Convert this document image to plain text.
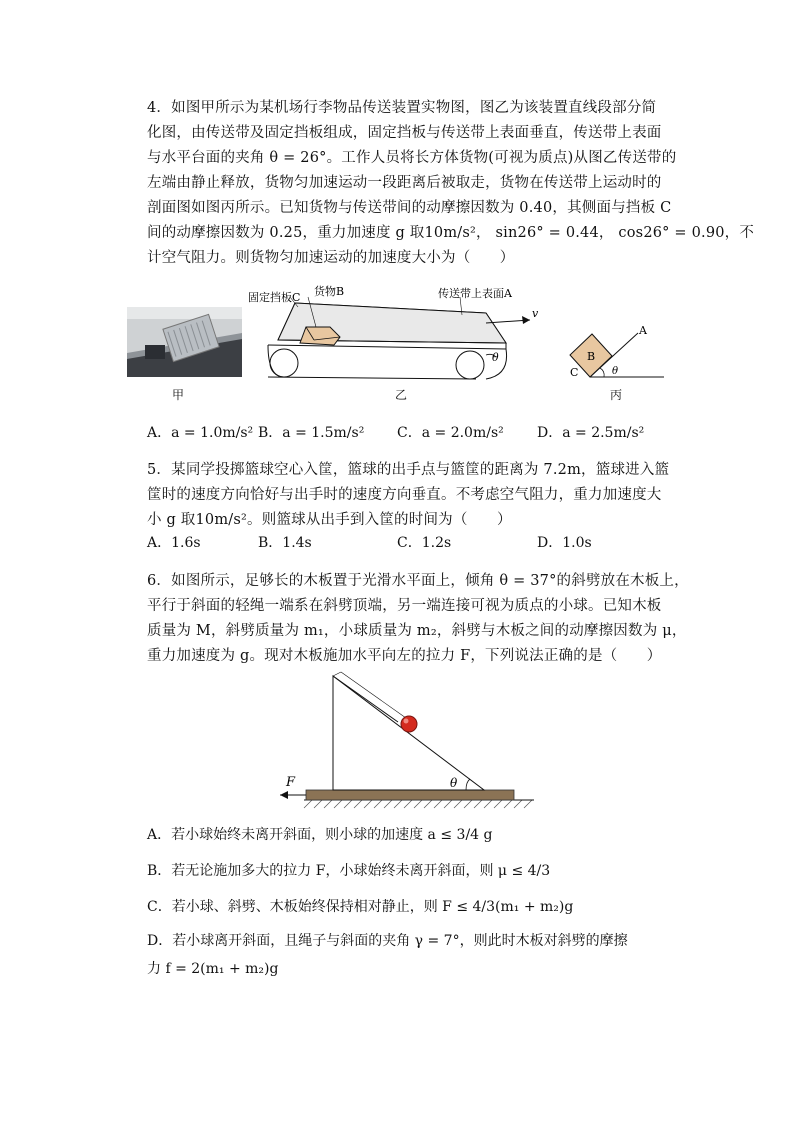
4．如图甲所示为某机场行李物品传送装置实物图，图乙为该装置直线段部分简
化图，由传送带及固定挡板组成，固定挡板与传送带上表面垂直，传送带上表面
与水平台面的夹角 θ = 26°。工作人员将长方体货物(可视为质点)从图乙传送带的
左端由静止释放，货物匀加速运动一段距离后被取走，货物在传送带上运动时的
剖面图如图丙所示。已知货物与传送带间的动摩擦因数为 0.40，其侧面与挡板 C
间的动摩擦因数为 0.25，重力加速度 g 取10m/s²， sin26° = 0.44， cos26° = 0.90，不
计空气阻力。则货物匀加速运动的加速度大小为（　　）
甲
固定挡板C 货物B	传送带上表面A
v
θ
乙
A
B
C	θ
丙
A．a = 1.0m/s² B．a = 1.5m/s² C．a = 2.0m/s² D．a = 2.5m/s²
5．某同学投掷篮球空心入筐，篮球的出手点与篮筐的距离为 7.2m，篮球进入篮
筐时的速度方向恰好与出手时的速度方向垂直。不考虑空气阻力，重力加速度大
小 g 取10m/s²。则篮球从出手到入筐的时间为（　　）
A．1.6s	B．1.4s	C．1.2s	D．1.0s
6．如图所示，足够长的木板置于光滑水平面上，倾角 θ = 37°的斜劈放在木板上，
平行于斜面的轻绳一端系在斜劈顶端，另一端连接可视为质点的小球。已知木板
质量为 M，斜劈质量为 m₁，小球质量为 m₂，斜劈与木板之间的动摩擦因数为 μ，
重力加速度为 g。现对木板施加水平向左的拉力 F，下列说法正确的是（　　）
F	θ
A．若小球始终未离开斜面，则小球的加速度 a ≤ 3/4 g
B．若无论施加多大的拉力 F，小球始终未离开斜面，则 μ ≤ 4/3
C．若小球、斜劈、木板始终保持相对静止，则 F ≤ 4/3(m₁ + m₂)g
D．若小球离开斜面，且绳子与斜面的夹角 γ = 7°，则此时木板对斜劈的摩擦
力 f = 2(m₁ + m₂)g
